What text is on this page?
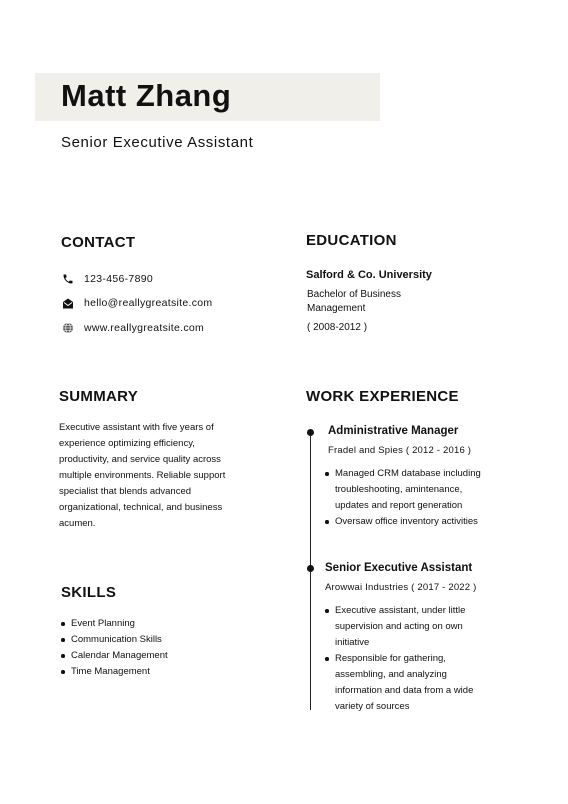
Matt Zhang
Senior Executive Assistant
CONTACT
123-456-7890
hello@reallygreatsite.com
www.reallygreatsite.com
EDUCATION
Salford & Co. University
Bachelor of Business
Management
( 2008-2012 )
SUMMARY
Executive assistant with five years of
experience optimizing efficiency,
productivity, and service quality across
multiple environments. Reliable support
specialist that blends advanced
organizational, technical, and business
acumen.
SKILLS
Event Planning
Communication Skills
Calendar Management
Time Management
WORK EXPERIENCE
Administrative Manager
Fradel and Spies ( 2012 - 2016 )
Managed CRM database including
troubleshooting, amintenance,
updates and report generation
Oversaw office inventory activities
Senior Executive Assistant
Arowwai Industries ( 2017 - 2022 )
Executive assistant, under little
supervision and acting on own
initiative
Responsible for gathering,
assembling, and analyzing
information and data from a wide
variety of sources
